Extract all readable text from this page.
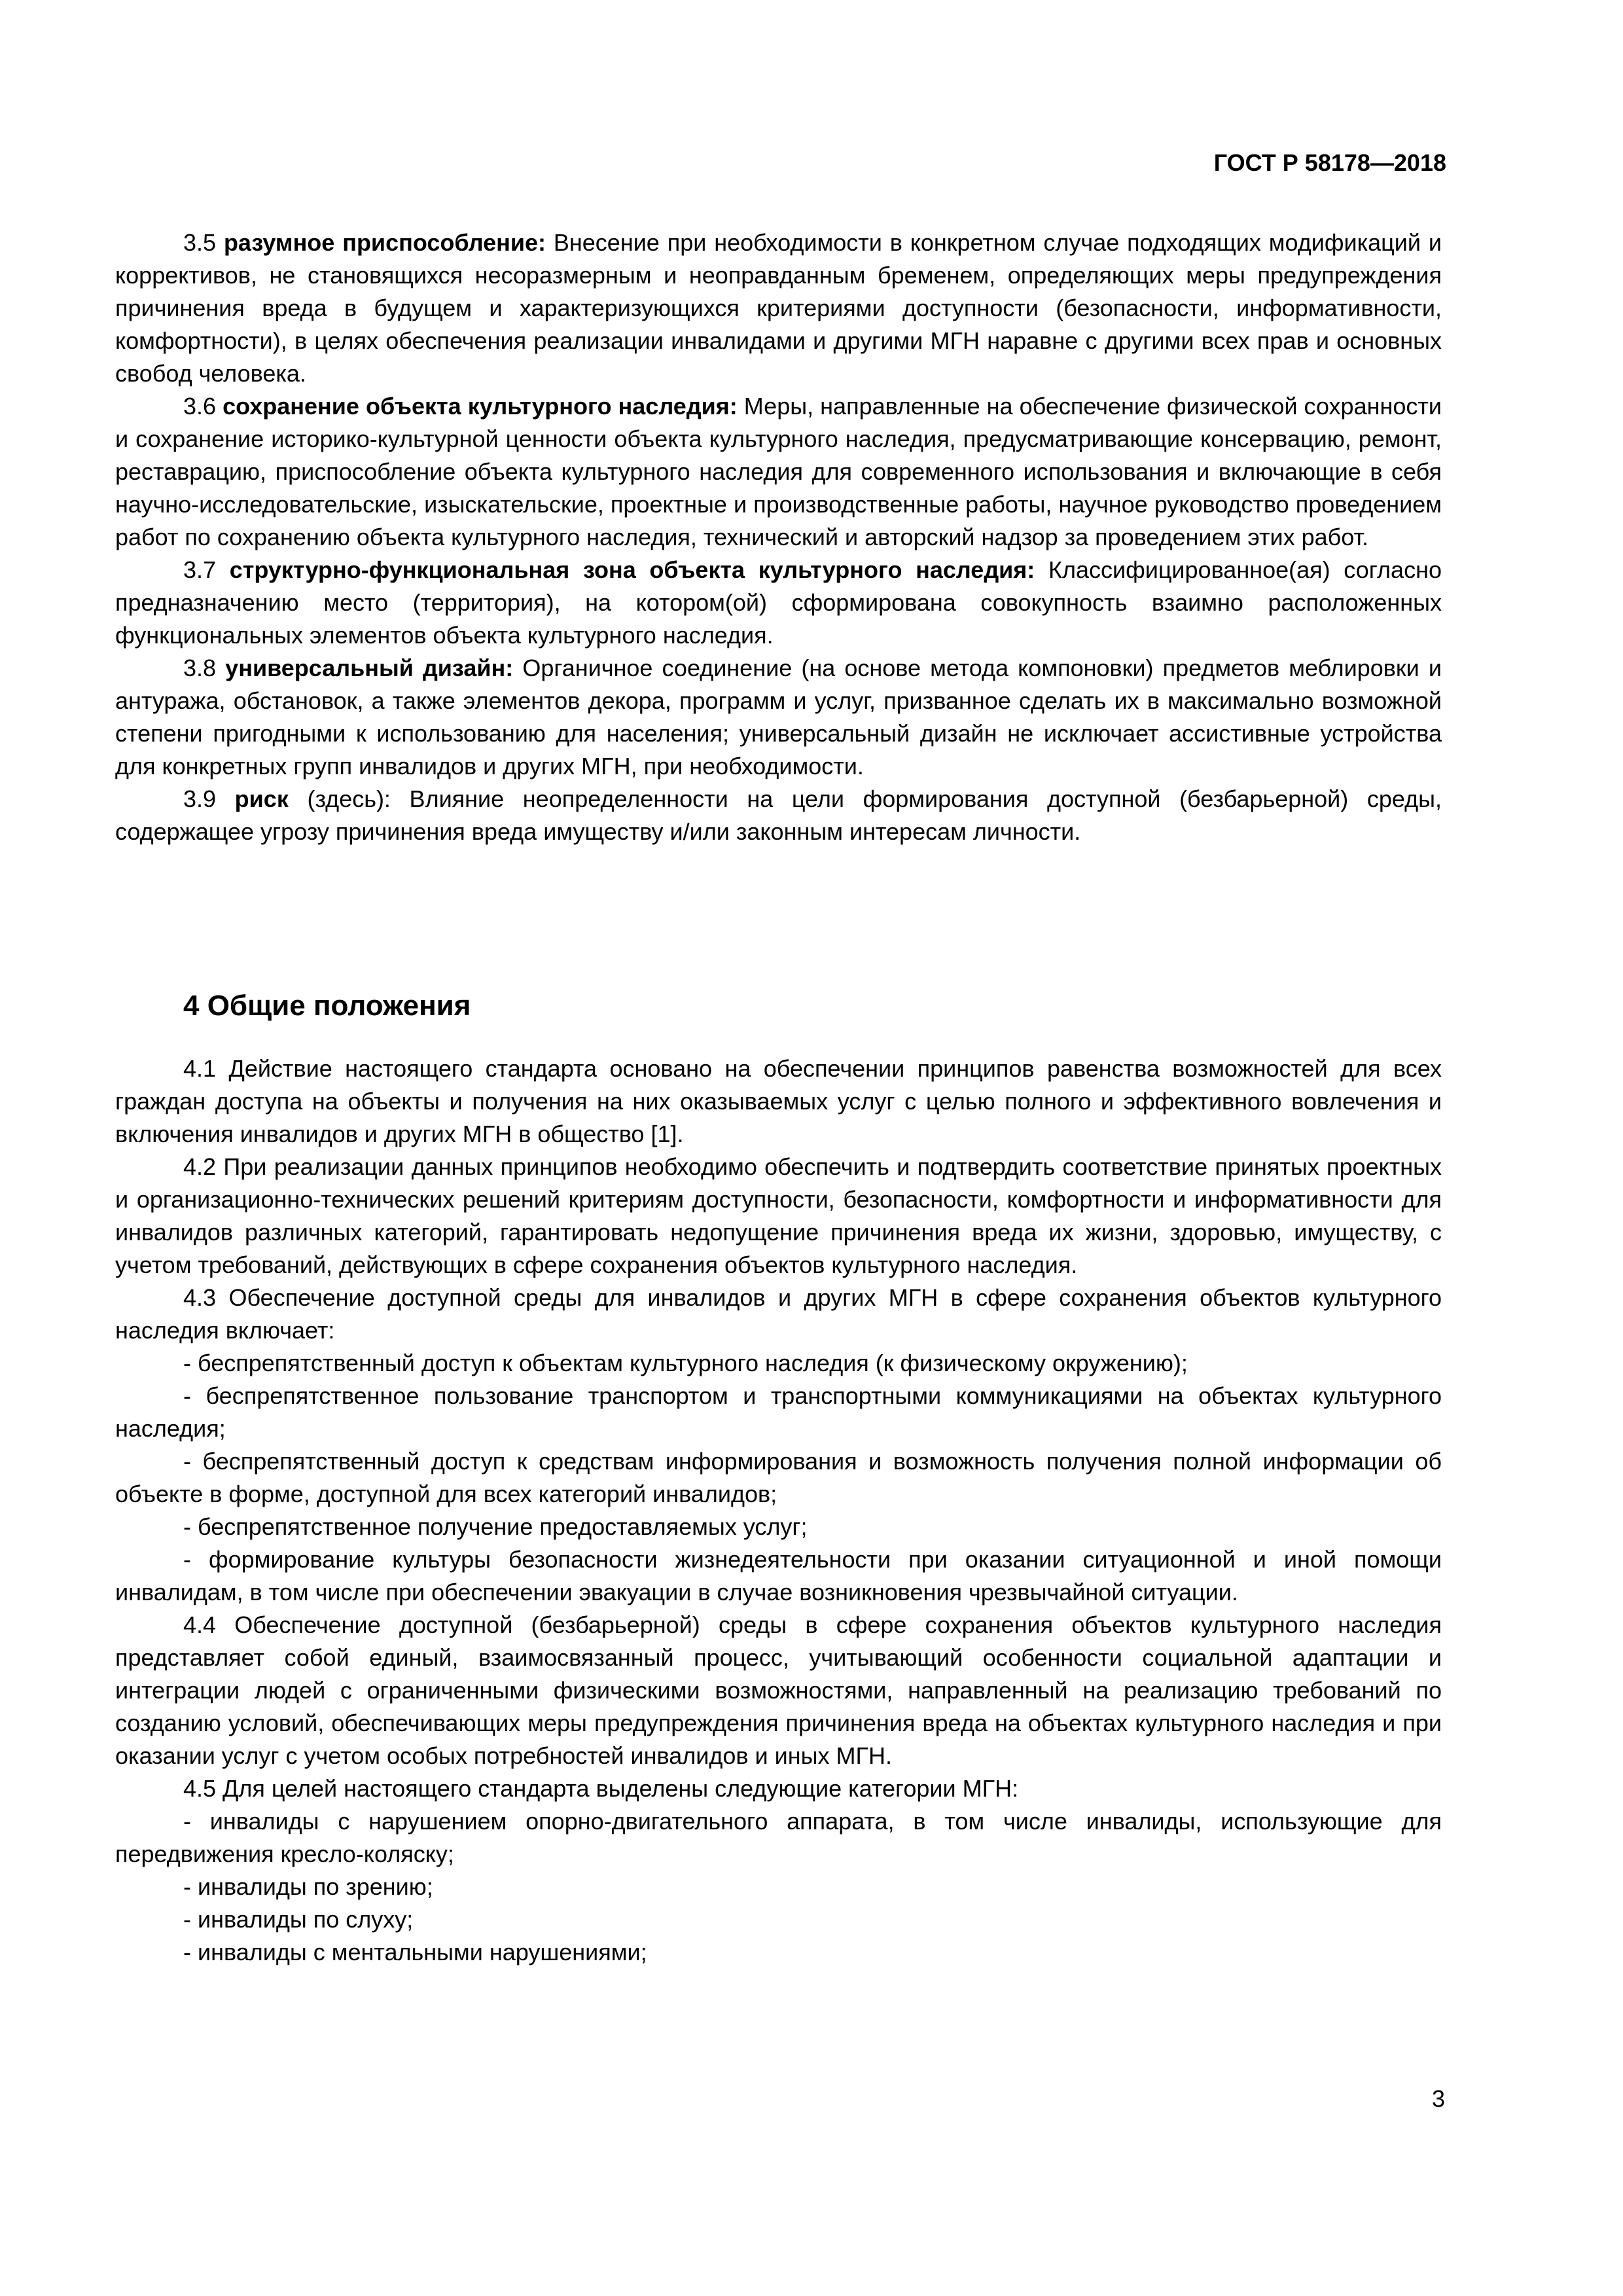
ГОСТ Р 58178—2018

3.5 разумное приспособление: Внесение при необходимости в конкретном случае подходящих модификаций и коррективов, не становящихся несоразмерным и неоправданным бременем, определяющих меры предупреждения причинения вреда в будущем и характеризующихся критериями доступности (безопасности, информативности, комфортности), в целях обеспечения реализации инвалидами и другими МГН наравне с другими всех прав и основных свобод человека.

3.6 сохранение объекта культурного наследия: Меры, направленные на обеспечение физической сохранности и сохранение историко-культурной ценности объекта культурного наследия, предусматривающие консервацию, ремонт, реставрацию, приспособление объекта культурного наследия для современного использования и включающие в себя научно-исследовательские, изыскательские, проектные и производственные работы, научное руководство проведением работ по сохранению объекта культурного наследия, технический и авторский надзор за проведением этих работ.

3.7 структурно-функциональная зона объекта культурного наследия: Классифицированное(ая) согласно предназначению место (территория), на котором(ой) сформирована совокупность взаимно расположенных функциональных элементов объекта культурного наследия.

3.8 универсальный дизайн: Органичное соединение (на основе метода компоновки) предметов меблировки и антуража, обстановок, а также элементов декора, программ и услуг, призванное сделать их в максимально возможной степени пригодными к использованию для населения; универсальный дизайн не исключает ассистивные устройства для конкретных групп инвалидов и других МГН, при необходимости.

3.9 риск (здесь): Влияние неопределенности на цели формирования доступной (безбарьерной) среды, содержащее угрозу причинения вреда имуществу и/или законным интересам личности.

4 Общие положения

4.1 Действие настоящего стандарта основано на обеспечении принципов равенства возможностей для всех граждан доступа на объекты и получения на них оказываемых услуг с целью полного и эффективного вовлечения и включения инвалидов и других МГН в общество [1].

4.2 При реализации данных принципов необходимо обеспечить и подтвердить соответствие принятых проектных и организационно-технических решений критериям доступности, безопасности, комфортности и информативности для инвалидов различных категорий, гарантировать недопущение причинения вреда их жизни, здоровью, имуществу, с учетом требований, действующих в сфере сохранения объектов культурного наследия.

4.3 Обеспечение доступной среды для инвалидов и других МГН в сфере сохранения объектов культурного наследия включает:

- беспрепятственный доступ к объектам культурного наследия (к физическому окружению);

- беспрепятственное пользование транспортом и транспортными коммуникациями на объектах культурного наследия;

- беспрепятственный доступ к средствам информирования и возможность получения полной информации об объекте в форме, доступной для всех категорий инвалидов;

- беспрепятственное получение предоставляемых услуг;

- формирование культуры безопасности жизнедеятельности при оказании ситуационной и иной помощи инвалидам, в том числе при обеспечении эвакуации в случае возникновения чрезвычайной ситуации.

4.4 Обеспечение доступной (безбарьерной) среды в сфере сохранения объектов культурного наследия представляет собой единый, взаимосвязанный процесс, учитывающий особенности социальной адаптации и интеграции людей с ограниченными физическими возможностями, направленный на реализацию требований по созданию условий, обеспечивающих меры предупреждения причинения вреда на объектах культурного наследия и при оказании услуг с учетом особых потребностей инвалидов и иных МГН.

4.5 Для целей настоящего стандарта выделены следующие категории МГН:

- инвалиды с нарушением опорно-двигательного аппарата, в том числе инвалиды, использующие для передвижения кресло-коляску;

- инвалиды по зрению;

- инвалиды по слуху;

- инвалиды с ментальными нарушениями;

3
